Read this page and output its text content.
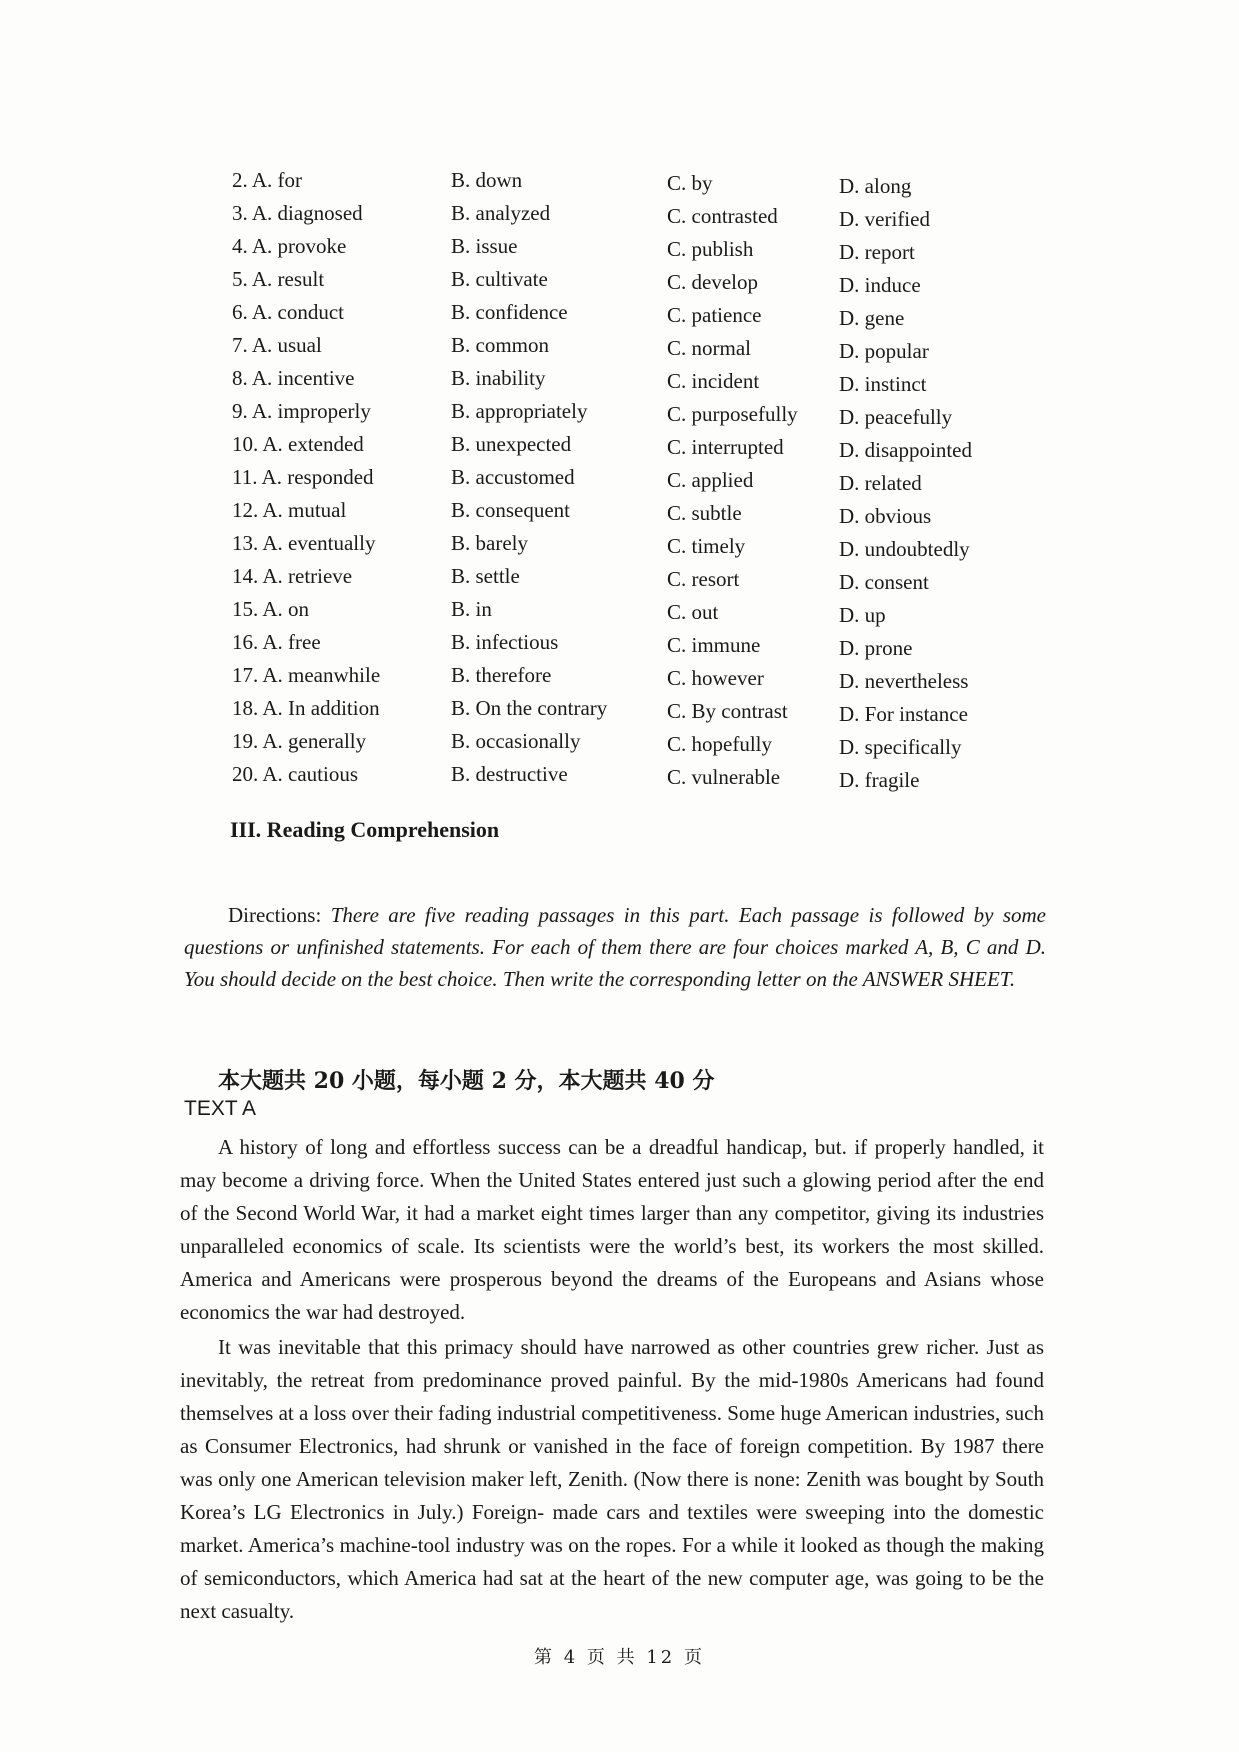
2. A. for	B. down	C. by	D. along
3. A. diagnosed	B. analyzed	C. contrasted	D. verified
4. A. provoke	B. issue	C. publish	D. report
5. A. result	B. cultivate	C. develop	D. induce
6. A. conduct	B. confidence	C. patience	D. gene
7. A. usual	B. common	C. normal	D. popular
8. A. incentive	B. inability	C. incident	D. instinct
9. A. improperly	B. appropriately	C. purposefully	D. peacefully
10. A. extended	B. unexpected	C. interrupted	D. disappointed
11. A. responded	B. accustomed	C. applied	D. related
12. A. mutual	B. consequent	C. subtle	D. obvious
13. A. eventually	B. barely	C. timely	D. undoubtedly
14. A. retrieve	B. settle	C. resort	D. consent
15. A. on	B. in	C. out	D. up
16. A. free	B. infectious	C. immune	D. prone
17. A. meanwhile	B. therefore	C. however	D. nevertheless
18. A. In addition	B. On the contrary	C. By contrast	D. For instance
19. A. generally	B. occasionally	C. hopefully	D. specifically
20. A. cautious	B. destructive	C. vulnerable	D. fragile
III. Reading Comprehension

Directions: There are five reading passages in this part. Each passage is followed by some questions or unfinished statements. For each of them there are four choices marked A, B, C and D. You should decide on the best choice. Then write the corresponding letter on the ANSWER SHEET.

本大题共 20 小题，每小题 2 分，本大题共 40 分

TEXT A

A history of long and effortless success can be a dreadful handicap, but. if properly handled, it may become a driving force. When the United States entered just such a glowing period after the end of the Second World War, it had a market eight times larger than any competitor, giving its industries unparalleled economics of scale. Its scientists were the world’s best, its workers the most skilled. America and Americans were prosperous beyond the dreams of the Europeans and Asians whose economics the war had destroyed.

It was inevitable that this primacy should have narrowed as other countries grew richer. Just as inevitably, the retreat from predominance proved painful. By the mid-1980s Americans had found themselves at a loss over their fading industrial competitiveness. Some huge American industries, such as Consumer Electronics, had shrunk or vanished in the face of foreign competition. By 1987 there was only one American television maker left, Zenith. (Now there is none: Zenith was bought by South Korea’s LG Electronics in July.) Foreign- made cars and textiles were sweeping into the domestic market. America’s machine-tool industry was on the ropes. For a while it looked as though the making of semiconductors, which America had sat at the heart of the new computer age, was going to be the next casualty.

第 4 页 共 12 页
